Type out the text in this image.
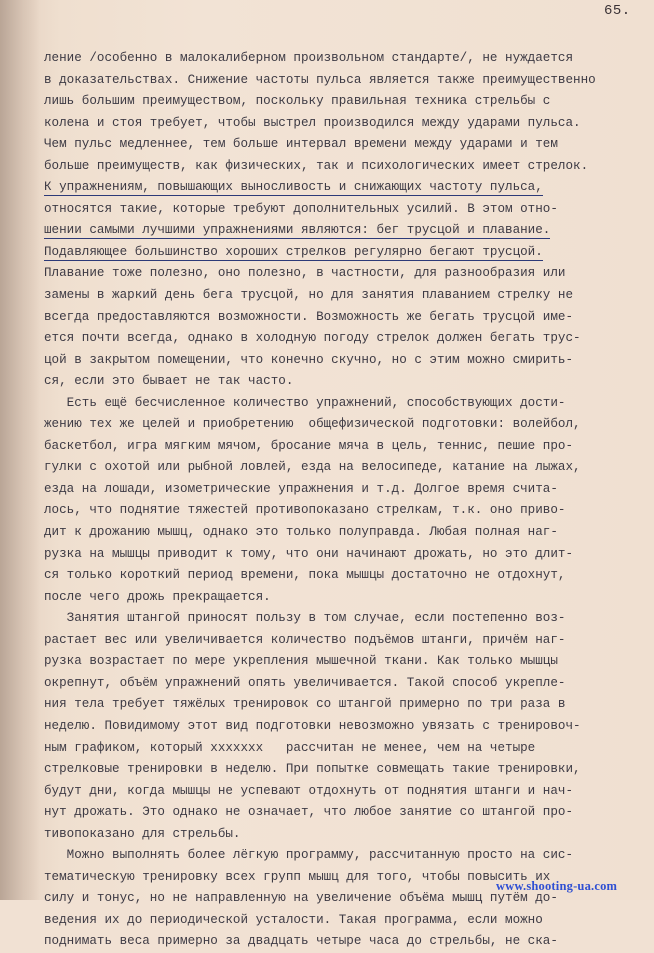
65.
ление /особенно в малокалиберном произвольном стандарте/, не нуждается
в доказательствах. Снижение частоты пульса является также преимущественно
лишь большим преимуществом, поскольку правильная техника стрельбы с
колена и стоя требует, чтобы выстрел производился между ударами пульса.
Чем пульс медленнее, тем больше интервал времени между ударами и тем
больше преимуществ, как физических, так и психологических имеет стрелок.
К упражнениям, повышающих выносливость и снижающих частоту пульса,
относятся такие, которые требуют дополнительных усилий. В этом отно-
шении самыми лучшими упражнениями являются: бег трусцой и плавание.
Подавляющее большинство хороших стрелков регулярно бегают трусцой.
Плавание тоже полезно, оно полезно, в частности, для разнообразия или
замены в жаркий день бега трусцой, но для занятия плаванием стрелку не
всегда предоставляются возможности. Возможность же бегать трусцой име-
ется почти всегда, однако в холодную погоду стрелок должен бегать трус-
цой в закрытом помещении, что конечно скучно, но с этим можно смирить-
ся, если это бывает не так часто.
Есть ещё бесчисленное количество упражнений, способствующих дости-
жению тех же целей и приобретению  общефизической подготовки: волейбол,
баскетбол, игра мягким мячом, бросание мяча в цель, теннис, пешие про-
гулки с охотой или рыбной ловлей, езда на велосипеде, катание на лыжах,
езда на лошади, изометрические упражнения и т.д. Долгое время счита-
лось, что поднятие тяжестей противопоказано стрелкам, т.к. оно приво-
дит к дрожанию мышц, однако это только полуправда. Любая полная наг-
рузка на мышцы приводит к тому, что они начинают дрожать, но это длит-
ся только короткий период времени, пока мышцы достаточно не отдохнут,
после чего дрожь прекращается.
Занятия штангой приносят пользу в том случае, если постепенно воз-
растает вес или увеличивается количество подъёмов штанги, причём наг-
рузка возрастает по мере укрепления мышечной ткани. Как только мышцы
окрепнут, объём упражнений опять увеличивается. Такой способ укрепле-
ния тела требует тяжёлых тренировок со штангой примерно по три раза в
неделю. Повидимому этот вид подготовки невозможно увязать с тренировоч-
ным графиком, который ххххххх   рассчитан не менее, чем на четыре
стрелковые тренировки в неделю. При попытке совмещать такие тренировки,
будут дни, когда мышцы не успевают отдохнуть от поднятия штанги и нач-
нут дрожать. Это однако не означает, что любое занятие со штангой про-
тивопоказано для стрельбы.
Можно выполнять более лёгкую программу, рассчитанную просто на сис-
тематическую тренировку всех групп мышц для того, чтобы повысить их
силу и тонус, но не направленную на увеличение объёма мышц путём до-
ведения их до периодической усталости. Такая программа, если можно
поднимать веса примерно за двадцать четыре часа до стрельбы, не ска-
www.shooting-ua.com
